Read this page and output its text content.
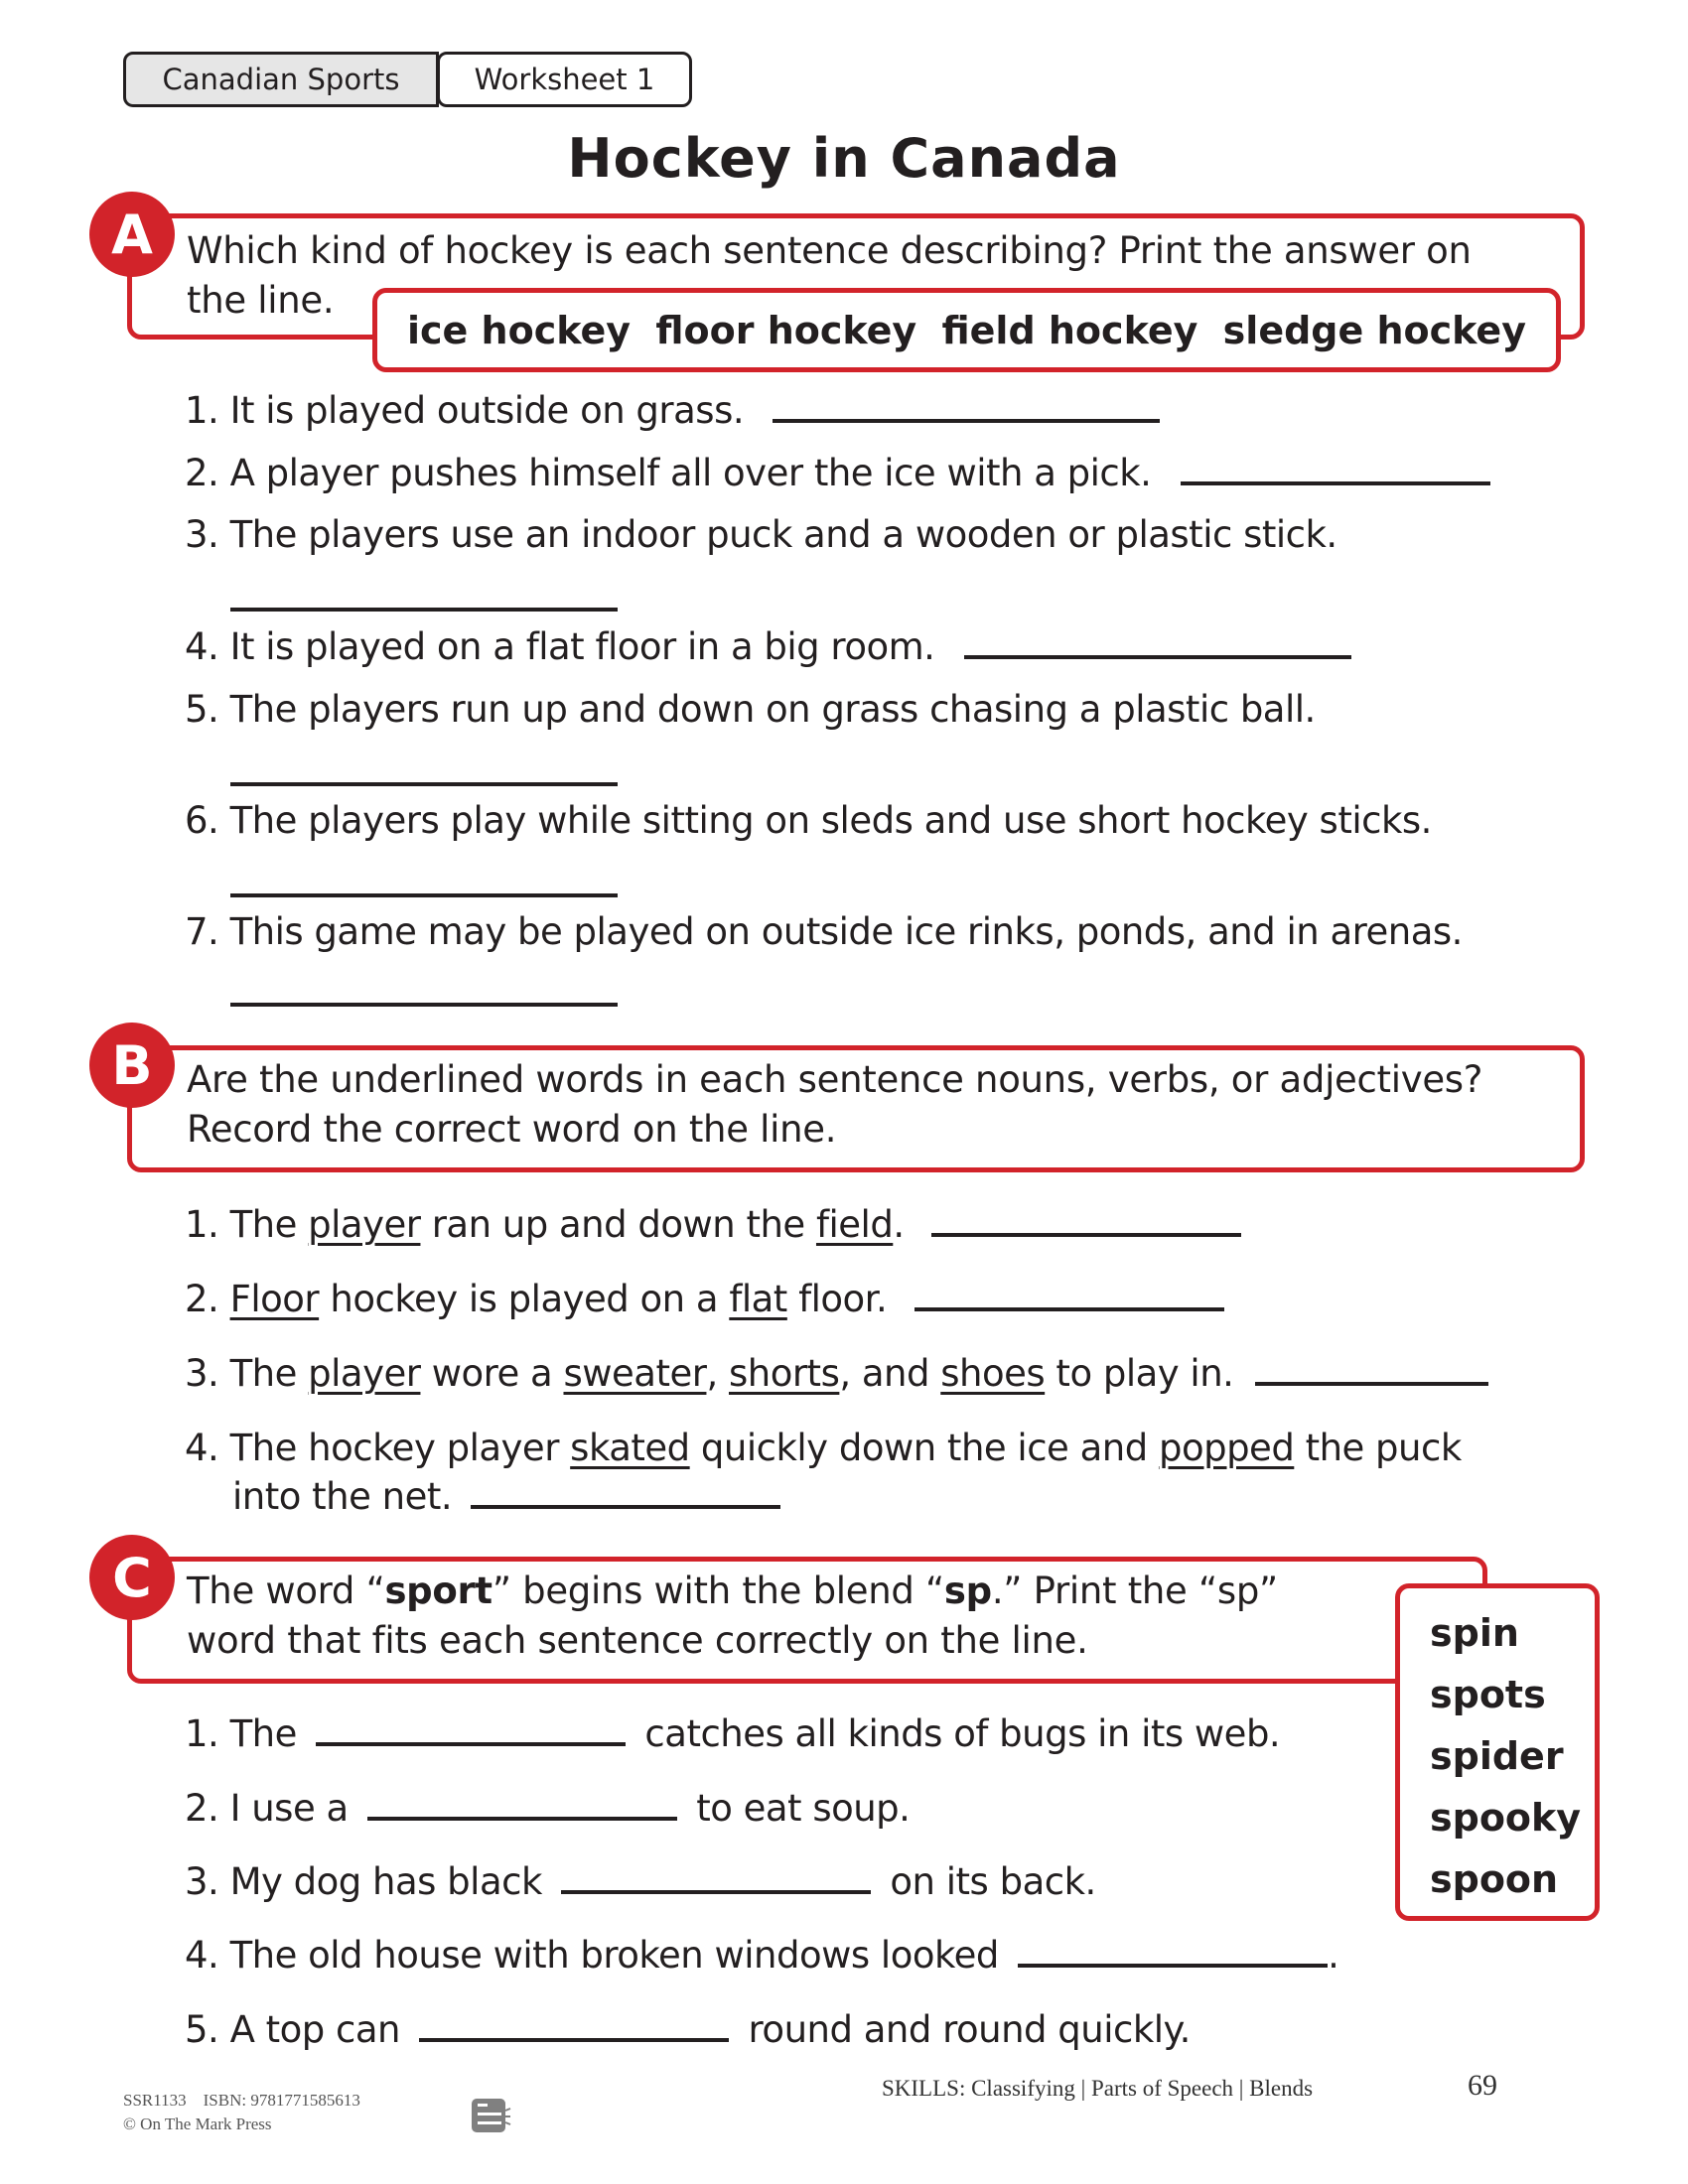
Canadian Sports	Worksheet 1
Hockey in Canada
A Which kind of hockey is each sentence describing? Print the answer on
the line.
ice hockey floor hockey field hockey sledge hockey
1. It is played outside on grass.
2. A player pushes himself all over the ice with a pick.
3. The players use an indoor puck and a wooden or plastic stick.
4. It is played on a flat floor in a big room.
5. The players run up and down on grass chasing a plastic ball.
6. The players play while sitting on sleds and use short hockey sticks.
7. This game may be played on outside ice rinks, ponds, and in arenas.
B Are the underlined words in each sentence nouns, verbs, or adjectives?
Record the correct word on the line.
1. The player ran up and down the field.
2. Floor hockey is played on a flat floor.
3. The player wore a sweater, shorts, and shoes to play in.
4. The hockey player skated quickly down the ice and popped the puck
into the net.
C The word “sport” begins with the blend “sp.” Print the “sp”
word that fits each sentence correctly on the line.	spin
spots
spider
spooky
spoon
1. The	catches all kinds of bugs in its web.
2. I use a	to eat soup.
3. My dog has black	on its back.
4. The old house with broken windows looked	.
5. A top can	round and round quickly.
SSR1133 ISBN: 9781771585613
© On The Mark Press
SKILLS: Classifying | Parts of Speech | Blends	69
